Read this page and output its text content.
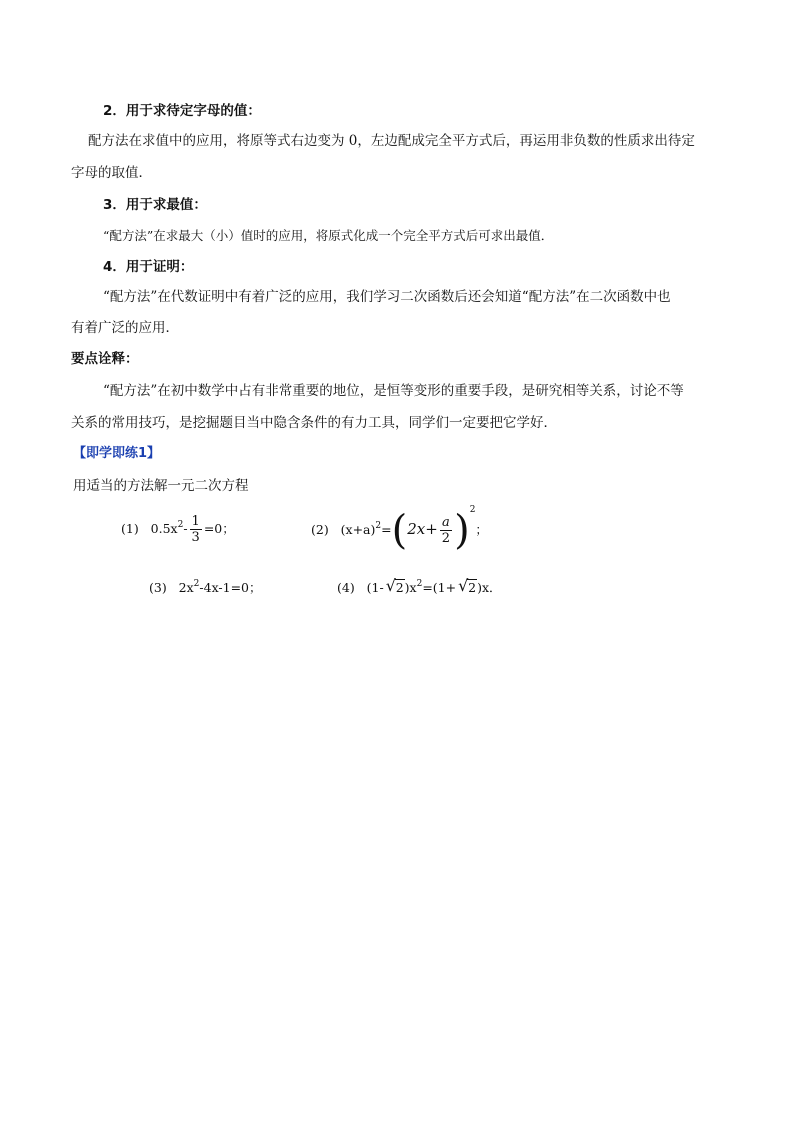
2．用于求待定字母的值：
配方法在求值中的应用，将原等式右边变为 0，左边配成完全平方式后，再运用非负数的性质求出待定
字母的取值．
3．用于求最值：
“配方法”在求最大（小）值时的应用，将原式化成一个完全平方式后可求出最值．
4．用于证明：
“配方法”在代数证明中有着广泛的应用，我们学习二次函数后还会知道“配方法”在二次函数中也
有着广泛的应用．
要点诠释：
“配方法”在初中数学中占有非常重要的地位，是恒等变形的重要手段，是研究相等关系，讨论不等
关系的常用技巧，是挖掘题目当中隐含条件的有力工具，同学们一定要把它学好．
【即学即练1】
用适当的方法解一元二次方程
(1) $0.5x^2- \frac{1}{3} =0$；	(2) $(x+a)^2=(2x+ \frac{a}{2} )^2$；
(3) $2x^2-4x-1=0$；	(4) (1- √ $2)x^2=(1+$ √ 2)x．
